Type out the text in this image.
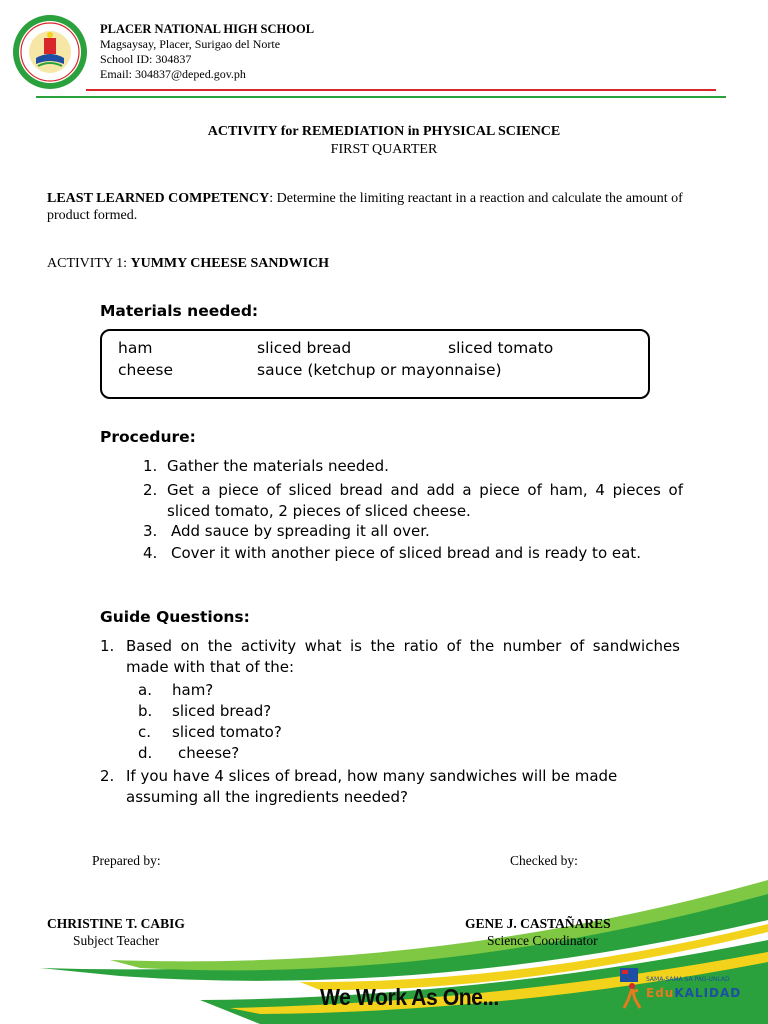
PLACER NATIONAL HIGH SCHOOL
Magsaysay, Placer, Surigao del Norte
School ID: 304837
Email: 304837@deped.gov.ph
ACTIVITY for REMEDIATION in PHYSICAL SCIENCE
FIRST QUARTER
LEAST LEARNED COMPETENCY: Determine the limiting reactant in a reaction and calculate the amount of product formed.
ACTIVITY 1: YUMMY CHEESE SANDWICH
Materials needed:
ham	sliced bread	sliced tomato
cheese	sauce (ketchup or mayonnaise)
Procedure:
1. Gather the materials needed.
2. Get a piece of sliced bread and add a piece of ham, 4 pieces of sliced tomato, 2 pieces of sliced cheese.
3. Add sauce by spreading it all over.
4. Cover it with another piece of sliced bread and is ready to eat.
Guide Questions:
1. Based on the activity what is the ratio of the number of sandwiches made with that of the:
a. ham?
b. sliced bread?
c. sliced tomato?
d. cheese?
2. If you have 4 slices of bread, how many sandwiches will be made assuming all the ingredients needed?
We Work As One...
SAMA-SAMA SA PAG-UNLAD
EduKALIDAD
Prepared by:	Checked by:
CHRISTINE T. CABIG
Subject Teacher
GENE J. CASTAÑARES
Science Coordinator
